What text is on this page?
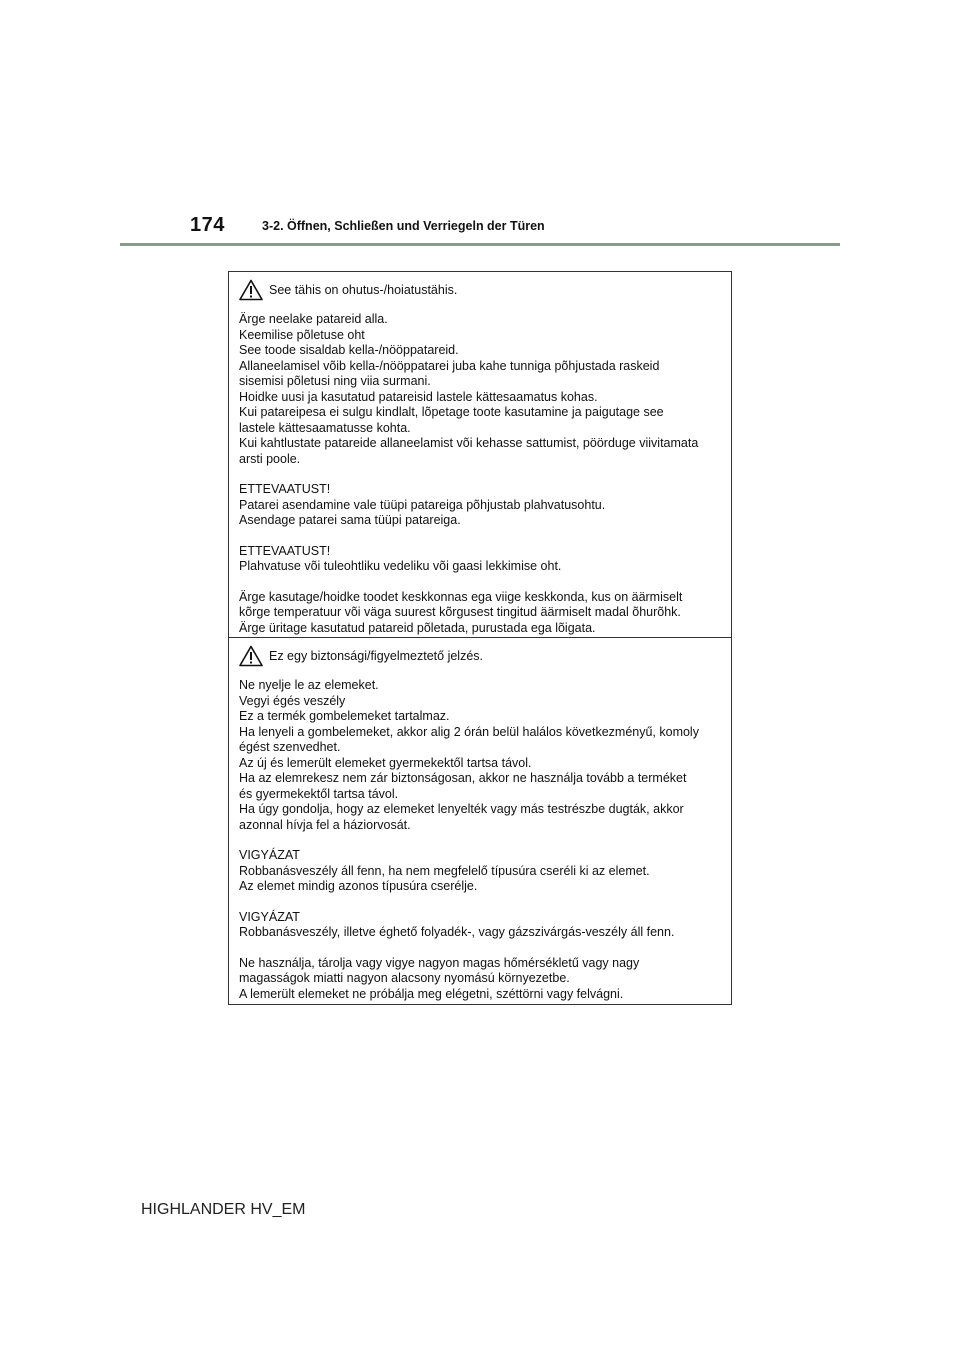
174	3-2. Öffnen, Schließen und Verriegeln der Türen
See tähis on ohutus-/hoiatustähis.
Ärge neelake patareid alla.
Keemilise põletuse oht
See toode sisaldab kella-/nööppatareid.
Allaneelamisel võib kella-/nööppatarei juba kahe tunniga põhjustada raskeid
sisemisi põletusi ning viia surmani.
Hoidke uusi ja kasutatud patareisid lastele kättesaamatus kohas.
Kui patareipesa ei sulgu kindlalt, lõpetage toote kasutamine ja paigutage see
lastele kättesaamatusse kohta.
Kui kahtlustate patareide allaneelamist või kehasse sattumist, pöörduge viivitamata
arsti poole.
ETTEVAATUST!
Patarei asendamine vale tüüpi patareiga põhjustab plahvatusohtu.
Asendage patarei sama tüüpi patareiga.
ETTEVAATUST!
Plahvatuse või tuleohtliku vedeliku või gaasi lekkimise oht.
Ärge kasutage/hoidke toodet keskkonnas ega viige keskkonda, kus on äärmiselt
kõrge temperatuur või väga suurest kõrgusest tingitud äärmiselt madal õhurõhk.
Ärge üritage kasutatud patareid põletada, purustada ega lõigata.
Ez egy biztonsági/figyelmeztető jelzés.
Ne nyelje le az elemeket.
Vegyi égés veszély
Ez a termék gombelemeket tartalmaz.
Ha lenyeli a gombelemeket, akkor alig 2 órán belül halálos következményű, komoly
égést szenvedhet.
Az új és lemerült elemeket gyermekektől tartsa távol.
Ha az elemrekesz nem zár biztonságosan, akkor ne használja tovább a terméket
és gyermekektől tartsa távol.
Ha úgy gondolja, hogy az elemeket lenyelték vagy más testrészbe dugták, akkor
azonnal hívja fel a háziorvosát.
VIGYÁZAT
Robbanásveszély áll fenn, ha nem megfelelő típusúra cseréli ki az elemet.
Az elemet mindig azonos típusúra cserélje.
VIGYÁZAT
Robbanásveszély, illetve éghető folyadék-, vagy gázszivárgás-veszély áll fenn.
Ne használja, tárolja vagy vigye nagyon magas hőmérsékletű vagy nagy
magasságok miatti nagyon alacsony nyomású környezetbe.
A lemerült elemeket ne próbálja meg elégetni, széttörni vagy felvágni.
HIGHLANDER HV_EM
